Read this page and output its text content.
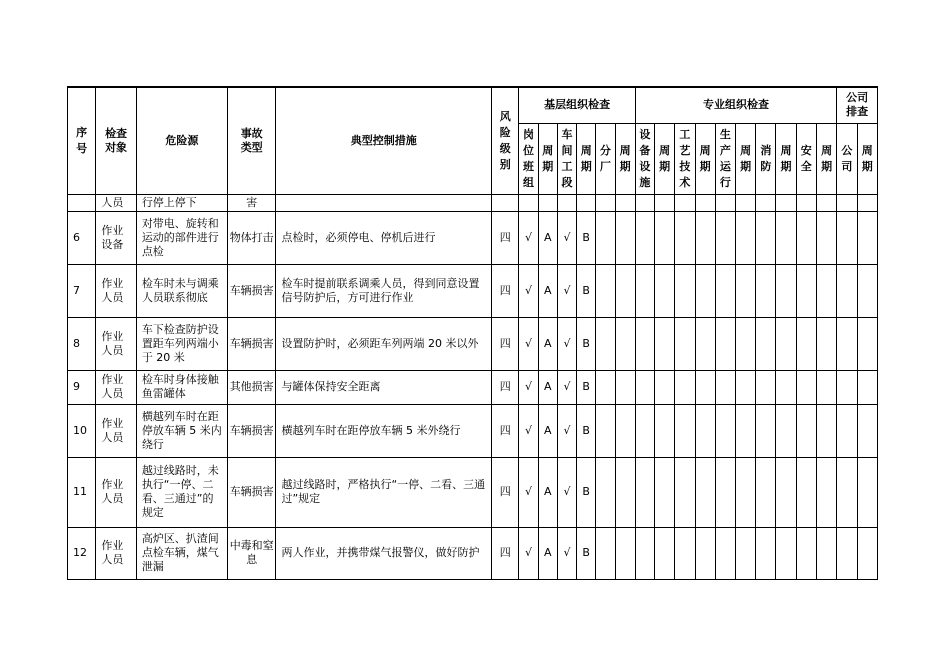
序号	检查对象	危险源	事故类型	典型控制措施	风险级别	基层组织检查						专业组织检查										公司排查	
						岗位班组	周期	车间工段	周期	分厂	周期	设备设施	周期	工艺技术	周期	生产运行	周期	消防	周期	安全	周期	公司	周期
	人员	行停上停下	害																				
6	作业设备	对带电、旋转和运动的部件进行点检	物体打击	点检时，必须停电、停机后进行	四	√	A	√	B														
7	作业人员	检车时未与调乘人员联系彻底	车辆损害	检车时提前联系调乘人员，得到同意设置信号防护后，方可进行作业	四	√	A	√	B														
8	作业人员	车下检查防护设置距车列两端小于 20 米	车辆损害	设置防护时，必须距车列两端 20 米以外	四	√	A	√	B														
9	作业人员	检车时身体接触鱼雷罐体	其他损害	与罐体保持安全距离	四	√	A	√	B														
10	作业人员	横越列车时在距停放车辆 5 米内绕行	车辆损害	横越列车时在距停放车辆 5 米外绕行	四	√	A	√	B														
11	作业人员	越过线路时，未执行“一停、二看、三通过”的规定	车辆损害	越过线路时，严格执行“一停、二看、三通过”规定	四	√	A	√	B														
12	作业人员	高炉区、扒渣间点检车辆，煤气泄漏	中毒和窒息	两人作业，并携带煤气报警仪，做好防护	四	√	A	√	B														
